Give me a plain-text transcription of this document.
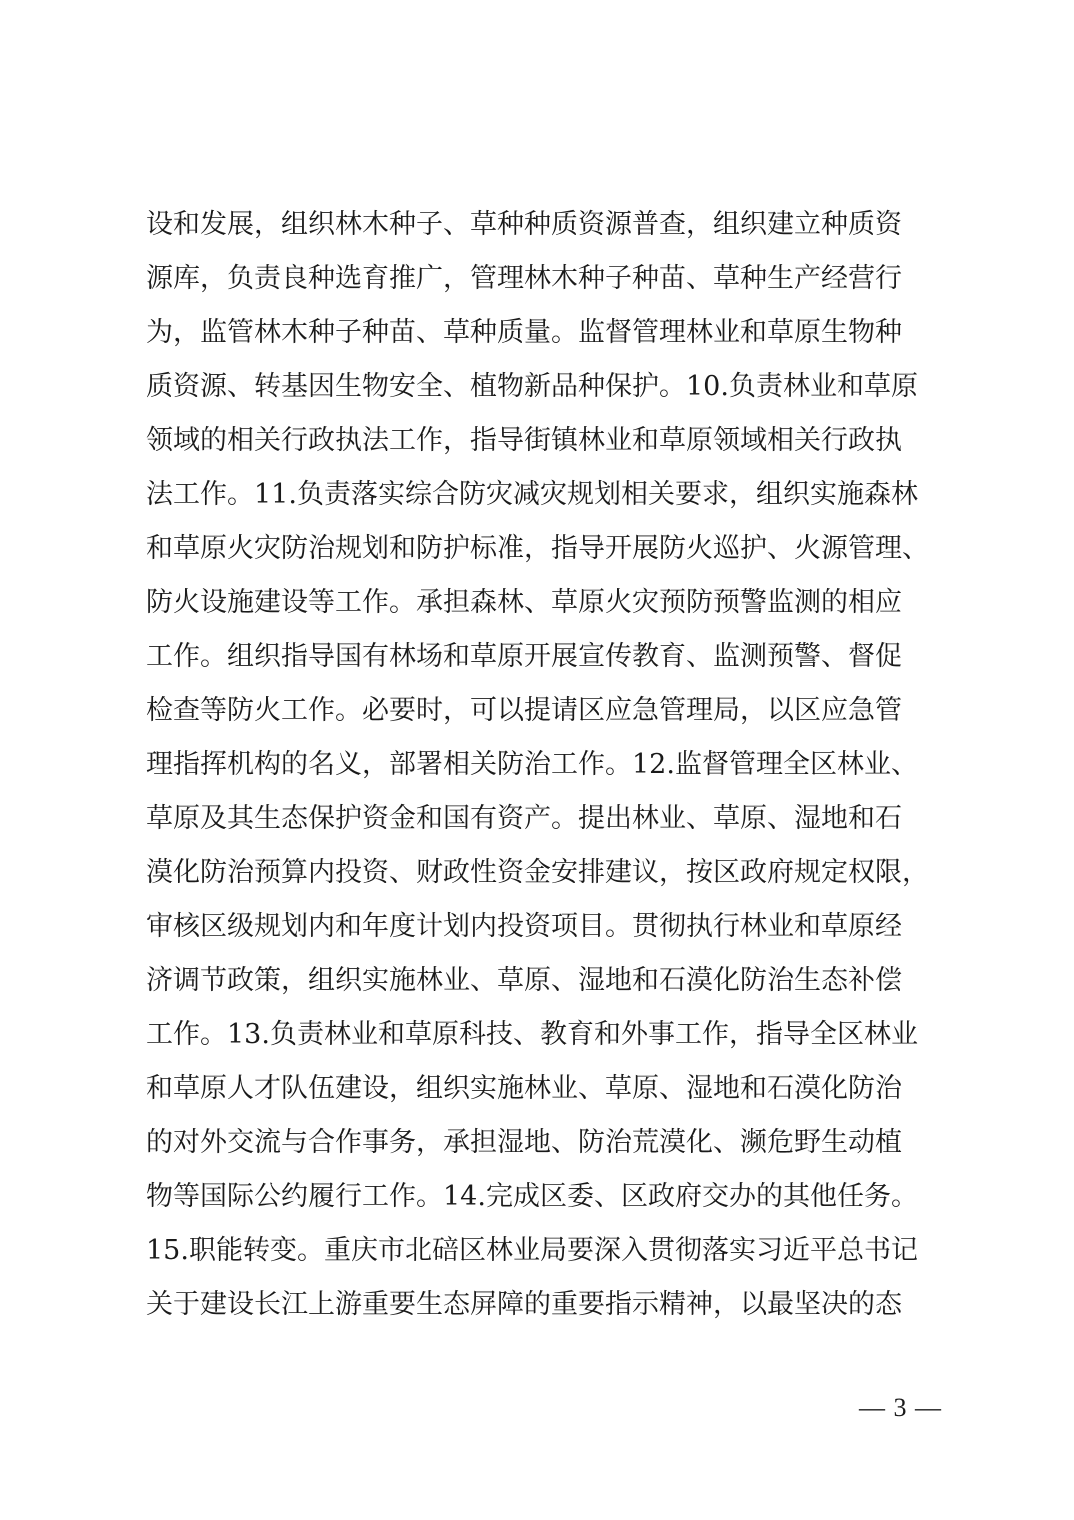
设和发展，组织林木种子、草种种质资源普查，组织建立种质资
源库，负责良种选育推广，管理林木种子种苗、草种生产经营行
为，监管林木种子种苗、草种质量。监督管理林业和草原生物种
质资源、转基因生物安全、植物新品种保护。10.负责林业和草原
领域的相关行政执法工作，指导街镇林业和草原领域相关行政执
法工作。11.负责落实综合防灾减灾规划相关要求，组织实施森林
和草原火灾防治规划和防护标准，指导开展防火巡护、火源管理、
防火设施建设等工作。承担森林、草原火灾预防预警监测的相应
工作。组织指导国有林场和草原开展宣传教育、监测预警、督促
检查等防火工作。必要时，可以提请区应急管理局，以区应急管
理指挥机构的名义，部署相关防治工作。12.监督管理全区林业、
草原及其生态保护资金和国有资产。提出林业、草原、湿地和石
漠化防治预算内投资、财政性资金安排建议，按区政府规定权限，
审核区级规划内和年度计划内投资项目。贯彻执行林业和草原经
济调节政策，组织实施林业、草原、湿地和石漠化防治生态补偿
工作。13.负责林业和草原科技、教育和外事工作，指导全区林业
和草原人才队伍建设，组织实施林业、草原、湿地和石漠化防治
的对外交流与合作事务，承担湿地、防治荒漠化、濒危野生动植
物等国际公约履行工作。14.完成区委、区政府交办的其他任务。
15.职能转变。重庆市北碚区林业局要深入贯彻落实习近平总书记
关于建设长江上游重要生态屏障的重要指示精神，以最坚决的态
— 3 —
